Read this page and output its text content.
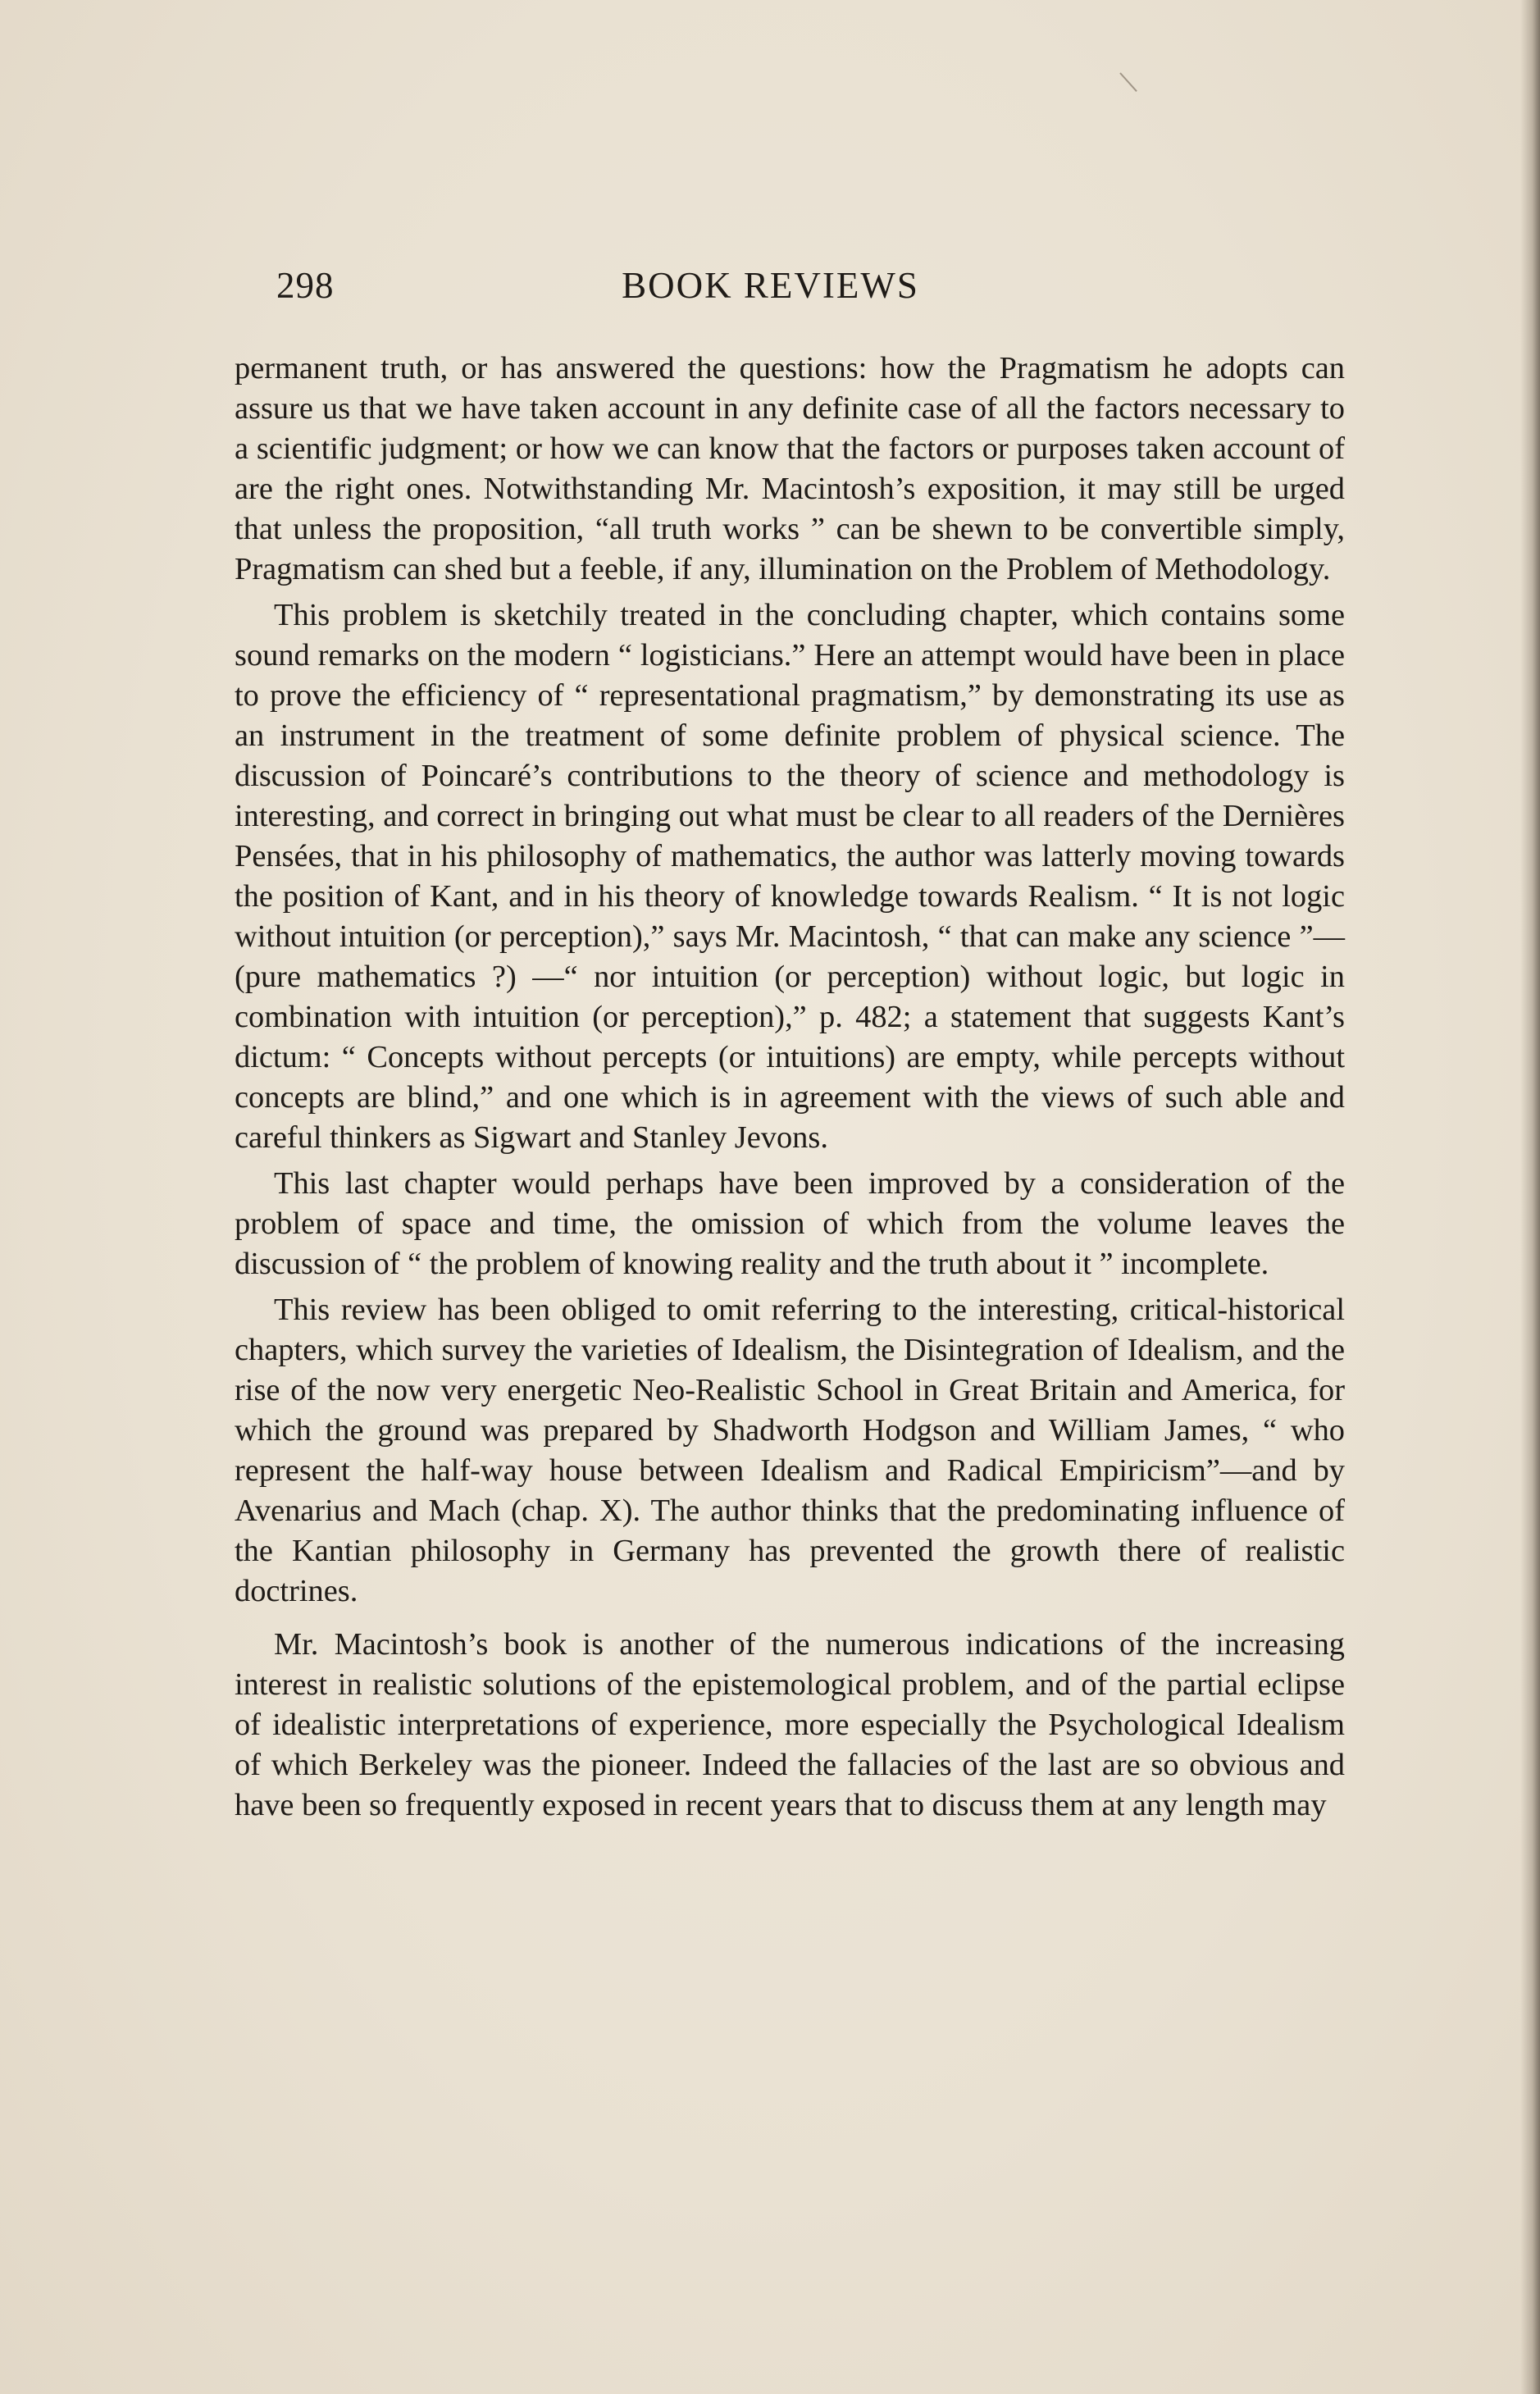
298	BOOK REVIEWS

permanent truth, or has answered the questions: how the Pragmatism he adopts can assure us that we have taken account in any definite case of all the factors necessary to a scientific judgment; or how we can know that the factors or purposes taken account of are the right ones. Notwithstanding Mr. Macintosh’s exposition, it may still be urged that unless the proposition, “all truth works ” can be shewn to be convertible simply, Pragmatism can shed but a feeble, if any, illumination on the Problem of Methodology.

This problem is sketchily treated in the concluding chapter, which contains some sound remarks on the modern “ logisticians.” Here an attempt would have been in place to prove the efficiency of “ representational pragmatism,” by demonstrating its use as an instrument in the treatment of some definite problem of physical science. The discussion of Poincaré’s contributions to the theory of science and methodology is interesting, and correct in bringing out what must be clear to all readers of the Dernières Pensées, that in his philosophy of mathematics, the author was latterly moving towards the position of Kant, and in his theory of knowledge towards Realism. “ It is not logic without intuition (or perception),” says Mr. Macintosh, “ that can make any science ”—(pure mathematics ?) —“ nor intuition (or perception) without logic, but logic in combination with intuition (or perception),” p. 482; a statement that suggests Kant’s dictum: “ Concepts without percepts (or intuitions) are empty, while percepts without concepts are blind,” and one which is in agreement with the views of such able and careful thinkers as Sigwart and Stanley Jevons.

This last chapter would perhaps have been improved by a consideration of the problem of space and time, the omission of which from the volume leaves the discussion of “ the problem of knowing reality and the truth about it ” incomplete.

This review has been obliged to omit referring to the interesting, critical-historical chapters, which survey the varieties of Idealism, the Disintegration of Idealism, and the rise of the now very energetic Neo-Realistic School in Great Britain and America, for which the ground was prepared by Shadworth Hodgson and William James, “ who represent the half-way house between Idealism and Radical Empiricism”—and by Avenarius and Mach (chap. X). The author thinks that the predominating influence of the Kantian philosophy in Germany has prevented the growth there of realistic doctrines.

Mr. Macintosh’s book is another of the numerous indications of the increasing interest in realistic solutions of the epistemological problem, and of the partial eclipse of idealistic interpretations of experience, more especially the Psychological Idealism of which Berkeley was the pioneer. Indeed the fallacies of the last are so obvious and have been so frequently exposed in recent years that to discuss them at any length may
